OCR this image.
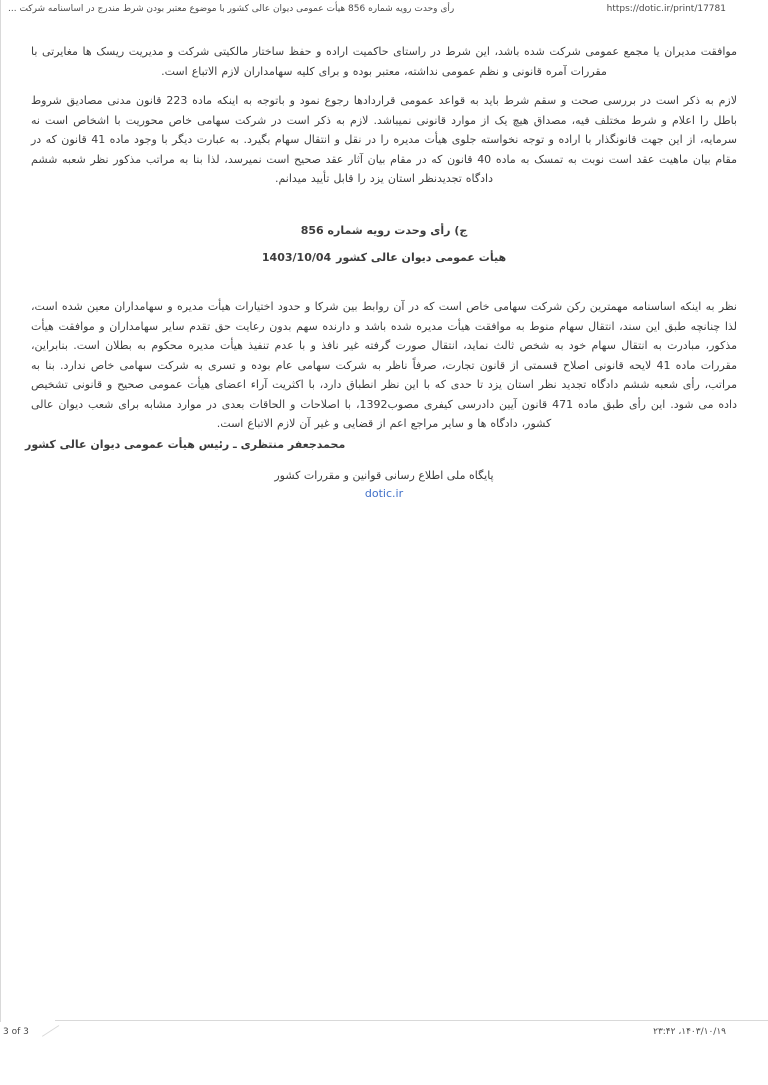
رأی وحدت رویه شماره 856 هیأت عمومی دیوان عالی کشور با موضوع معتبر بودن شرط مندرج در اساسنامه شرکت ...	https://dotic.ir/print/17781
موافقت مدیران یا مجمع عمومی شرکت شده باشد، این شرط در راستای حاکمیت اراده و حفظ ساختار مالکیتی شرکت و مدیریت ریسک ها مغایرتی با مقررات آمره قانونی و نظم عمومی نداشته، معتبر بوده و برای کلیه سهامداران لازم الاتباع است.
لازم به ذکر است در بررسی صحت و سقم شرط باید به قواعد عمومی قراردادها رجوع نمود و باتوجه به اینکه ماده 223 قانون مدنی مصادیق شروط باطل را اعلام و شرط مختلف فیه، مصداق هیچ یک از موارد قانونی نمیباشد. لازم به ذکر است در شرکت سهامی خاص محوریت با اشخاص است نه سرمایه، از این جهت قانونگذار با اراده و توجه نخواسته جلوی هیأت مدیره را در نقل و انتقال سهام بگیرد. به عبارت دیگر با وجود ماده 41 قانون که در مقام بیان ماهیت عقد است نوبت به تمسک به ماده 40 قانون که در مقام بیان آثار عقد صحیح است نمیرسد، لذا بنا به مراتب مذکور نظر شعبه ششم دادگاه تجدیدنظر استان یزد را قابل تأیید میدانم.
ج) رأی وحدت رویه شماره 856
1403/10/04 هیأت عمومی دیوان عالی کشور
نظر به اینکه اساسنامه مهمترین رکن شرکت سهامی خاص است که در آن روابط بین شرکا و حدود اختیارات هیأت مدیره و سهامداران معین شده است، لذا چنانچه طبق این سند، انتقال سهام منوط به موافقت هیأت مدیره شده باشد و دارنده سهم بدون رعایت حق تقدم سایر سهامداران و موافقت هیأت مذکور، مبادرت به انتقال سهام خود به شخص ثالث نماید، انتقال صورت گرفته غیر نافذ و با عدم تنفیذ هیأت مدیره محکوم به بطلان است. بنابراین، مقررات ماده 41 لایحه قانونی اصلاح قسمتی از قانون تجارت، صرفاً ناظر به شرکت سهامی عام بوده و تسری به شرکت سهامی خاص ندارد. بنا به مراتب، رأی شعبه ششم دادگاه تجدید نظر استان یزد تا حدی که با این نظر انطباق دارد، با اکثریت آراء اعضای هیأت عمومی صحیح و قانونی تشخیص داده می شود. این رأی طبق ماده 471 قانون آیین دادرسی کیفری مصوب1392، با اصلاحات و الحاقات بعدی در موارد مشابه برای شعب دیوان عالی کشور، دادگاه ها و سایر مراجع اعم از قضایی و غیر آن لازم الاتباع است.
محمدجعفر منتظری ـ رئیس هیأت عمومی دیوان عالی کشور
پایگاه ملی اطلاع رسانی قوانین و مقررات کشور
dotic.ir
3 of 3	۱۴۰۳/۱۰/۱۹، ۲۳:۴۲
